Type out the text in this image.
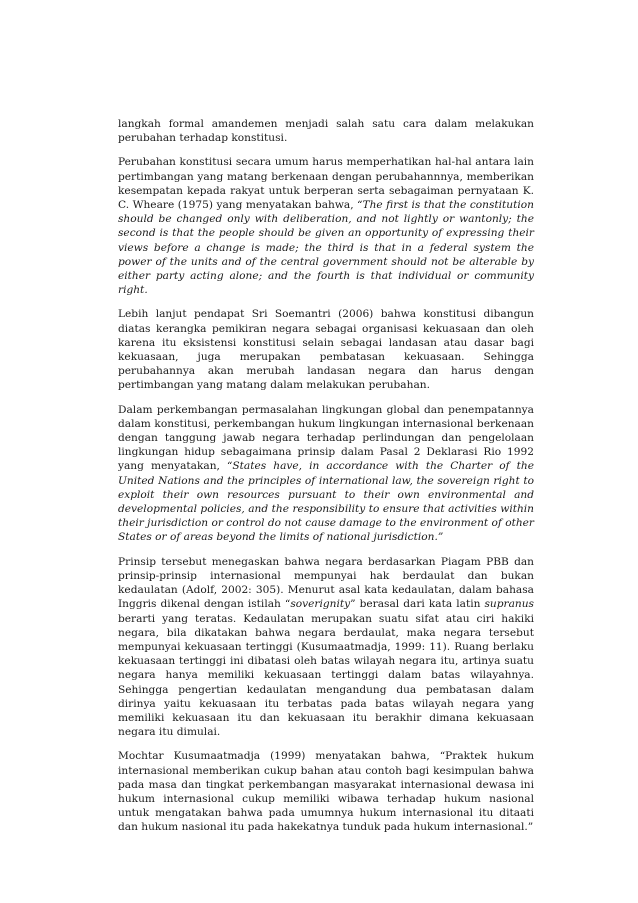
langkah formal amandemen menjadi salah satu cara dalam melakukan perubahan terhadap konstitusi.

Perubahan konstitusi secara umum harus memperhatikan hal-hal antara lain pertimbangan yang matang berkenaan dengan perubahannnya, memberikan kesempatan kepada rakyat untuk berperan serta sebagaiman pernyataan K. C. Wheare (1975) yang menyatakan bahwa, “The first is that the constitution should be changed only with deliberation, and not lightly or wantonly; the second is that the people should be given an opportunity of expressing their views before a change is made; the third is that in a federal system the power of the units and of the central government should not be alterable by either party acting alone; and the fourth is that individual or community right.

Lebih lanjut pendapat Sri Soemantri (2006) bahwa konstitusi dibangun diatas kerangka pemikiran negara sebagai organisasi kekuasaan dan oleh karena itu eksistensi konstitusi selain sebagai landasan atau dasar bagi kekuasaan, juga merupakan pembatasan kekuasaan. Sehingga perubahannya akan merubah landasan negara dan harus dengan pertimbangan yang matang dalam melakukan perubahan.

Dalam perkembangan permasalahan lingkungan global dan penempatannya dalam konstitusi, perkembangan hukum lingkungan internasional berkenaan dengan tanggung jawab negara terhadap perlindungan dan pengelolaan lingkungan hidup sebagaimana prinsip dalam Pasal 2 Deklarasi Rio 1992 yang menyatakan, “States have, in accordance with the Charter of the United Nations and the principles of international law, the sovereign right to exploit their own resources pursuant to their own environmental and developmental policies, and the responsibility to ensure that activities within their jurisdiction or control do not cause damage to the environment of other States or of areas beyond the limits of national jurisdiction.”

Prinsip tersebut menegaskan bahwa negara berdasarkan Piagam PBB dan prinsip-prinsip internasional mempunyai hak berdaulat dan bukan kedaulatan (Adolf, 2002: 305). Menurut asal kata kedaulatan, dalam bahasa Inggris dikenal dengan istilah “soverignity” berasal dari kata latin supranus berarti yang teratas. Kedaulatan merupakan suatu sifat atau ciri hakiki negara, bila dikatakan bahwa negara berdaulat, maka negara tersebut mempunyai kekuasaan tertinggi (Kusumaatmadja, 1999: 11). Ruang berlaku kekuasaan tertinggi ini dibatasi oleh batas wilayah negara itu, artinya suatu negara hanya memiliki kekuasaan tertinggi dalam batas wilayahnya. Sehingga pengertian kedaulatan mengandung dua pembatasan dalam dirinya yaitu kekuasaan itu terbatas pada batas wilayah negara yang memiliki kekuasaan itu dan kekuasaan itu berakhir dimana kekuasaan negara itu dimulai.

Mochtar Kusumaatmadja (1999) menyatakan bahwa, “Praktek hukum internasional memberikan cukup bahan atau contoh bagi kesimpulan bahwa pada masa dan tingkat perkembangan masyarakat internasional dewasa ini hukum internasional cukup memiliki wibawa terhadap hukum nasional untuk mengatakan bahwa pada umumnya hukum internasional itu ditaati dan hukum nasional itu pada hakekatnya tunduk pada hukum internasional.”
